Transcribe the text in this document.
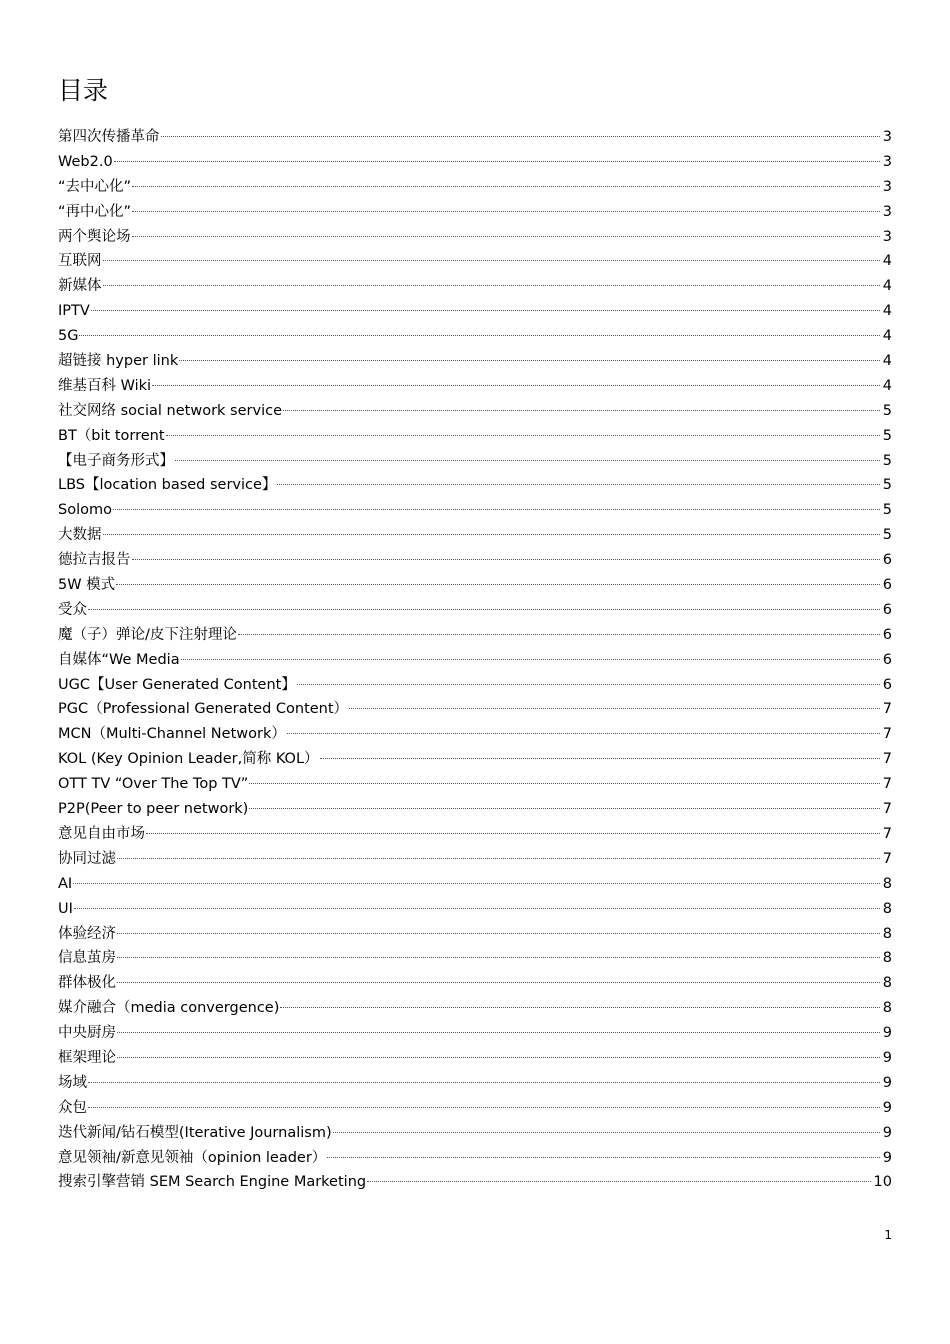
目录
第四次传播革命	3
Web2.0	3
“去中心化”	3
“再中心化”	3
两个舆论场	3
互联网	4
新媒体	4
IPTV	4
5G	4
超链接 hyper link	4
维基百科 Wiki	4
社交网络 social network service	5
BT（bit torrent	5
【电子商务形式】	5
LBS【location based service】	5
Solomo	5
大数据	5
德拉吉报告	6
5W 模式	6
受众	6
魔（子）弹论/皮下注射理论	6
自媒体“We Media	6
UGC【User Generated Content】	6
PGC（Professional Generated Content）	7
MCN（Multi-Channel Network）	7
KOL (Key Opinion Leader,简称 KOL）	7
OTT TV “Over The Top TV”	7
P2P(Peer to peer network)	7
意见自由市场	7
协同过滤	7
AI	8
UI	8
体验经济	8
信息茧房	8
群体极化	8
媒介融合（media convergence)	8
中央厨房	9
框架理论	9
场域	9
众包	9
迭代新闻/钻石模型(Iterative Journalism)	9
意见领袖/新意见领袖（opinion leader）	9
搜索引擎营销 SEM Search Engine Marketing	10
1
